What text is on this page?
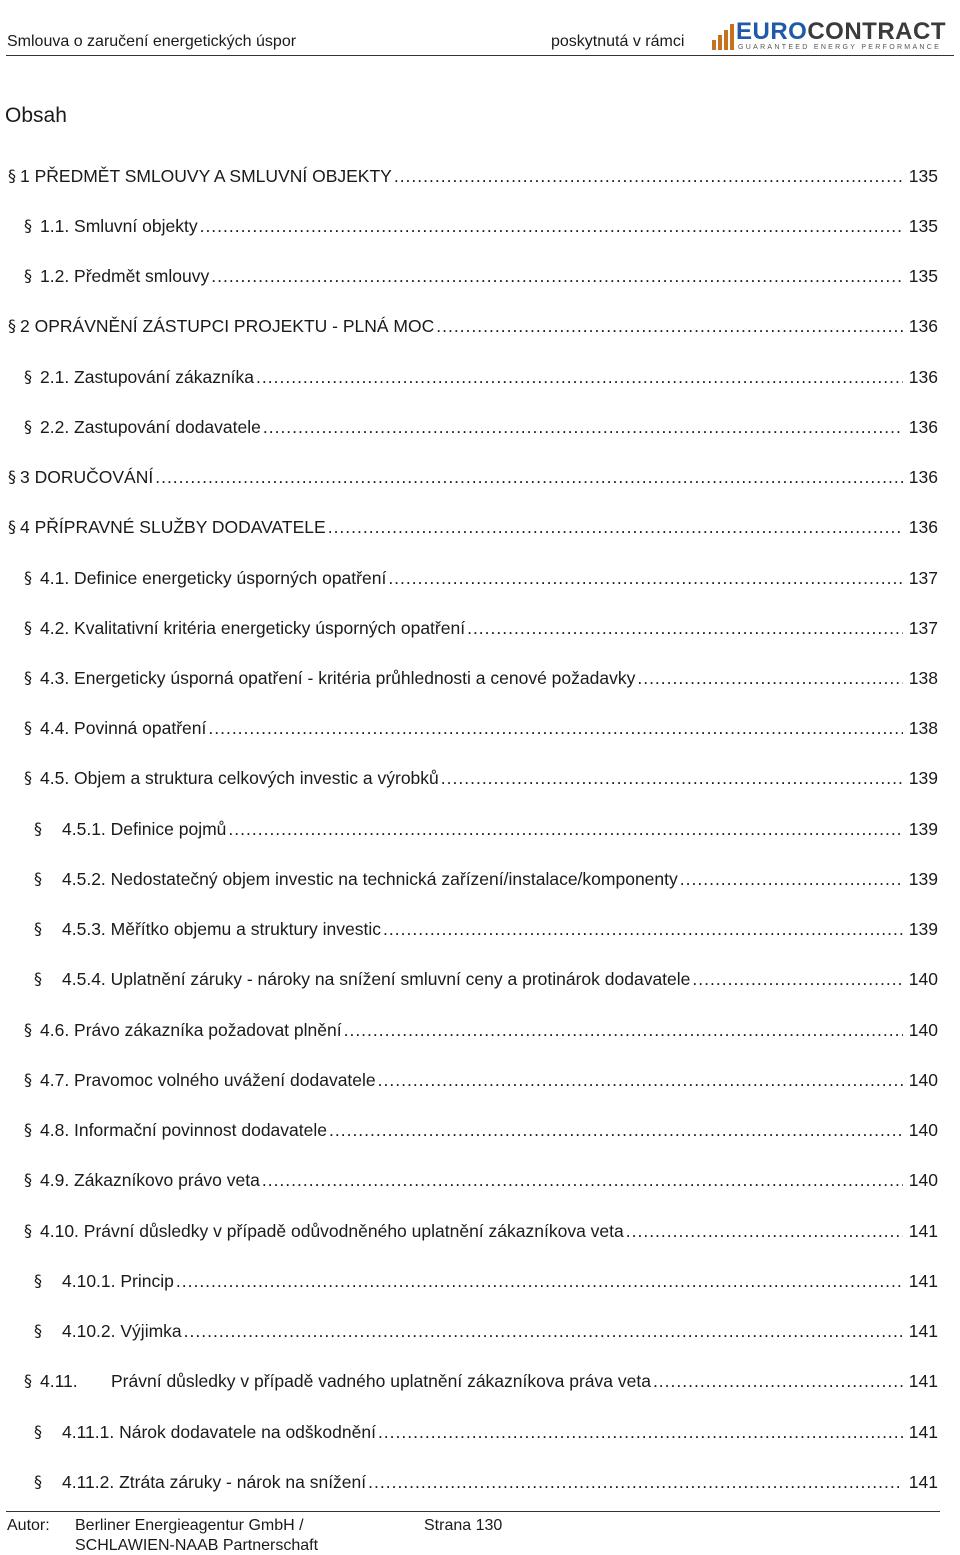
Smlouva o zaručení energetických úspor	poskytnutá v rámci EUROCONTRACT
GUARANTEED ENERGY PERFORMANCE
Obsah
§ 1 PŘEDMĚT SMLOUVY A SMLUVNÍ OBJEKTY .....	135
§ 1.1. Smluvní objekty .....	135
§ 1.2. Předmět smlouvy .....	135
§ 2 OPRÁVNĚNÍ ZÁSTUPCI PROJEKTU - PLNÁ MOC .....	136
§ 2.1. Zastupování zákazníka .....	136
§ 2.2. Zastupování dodavatele .....	136
§ 3 DORUČOVÁNÍ .....	136
§ 4 PŘÍPRAVNÉ SLUŽBY DODAVATELE .....	136
§ 4.1. Definice energeticky úsporných opatření .....	137
§ 4.2. Kvalitativní kritéria energeticky úsporných opatření .....	137
§ 4.3. Energeticky úsporná opatření - kritéria průhlednosti a cenové požadavky .....	138
§ 4.4. Povinná opatření .....	138
§ 4.5. Objem a struktura celkových investic a výrobků .....	139
§ 4.5.1. Definice pojmů .....	139
§ 4.5.2. Nedostatečný objem investic na technická zařízení/instalace/komponenty .....	139
§ 4.5.3. Měřítko objemu a struktury investic .....	139
§ 4.5.4. Uplatnění záruky - nároky na snížení smluvní ceny a protinárok dodavatele .....	140
§ 4.6. Právo zákazníka požadovat plnění .....	140
§ 4.7. Pravomoc volného uvážení dodavatele .....	140
§ 4.8. Informační povinnost dodavatele .....	140
§ 4.9. Zákazníkovo právo veta .....	140
§ 4.10. Právní důsledky v případě odůvodněného uplatnění zákazníkova veta .....	141
§ 4.10.1. Princip .....	141
§ 4.10.2. Výjimka .....	141
§ 4.11. Právní důsledky v případě vadného uplatnění zákazníkova práva veta .....	141
§ 4.11.1. Nárok dodavatele na odškodnění .....	141
§ 4.11.2. Ztráta záruky - nárok na snížení .....	141
Autor: Berliner Energieagentur GmbH /
SCHLAWIEN-NAAB Partnerschaft
Strana 130
